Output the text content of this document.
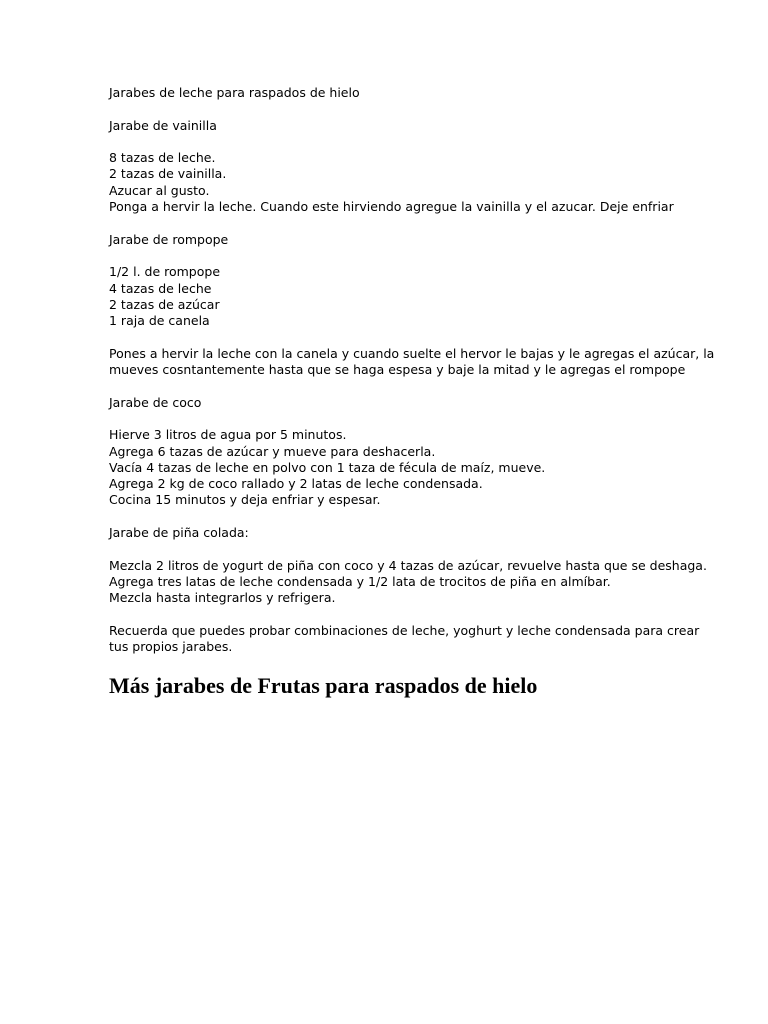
Jarabes de leche para raspados de hielo

Jarabe de vainilla

8 tazas de leche.
2 tazas de vainilla.
Azucar al gusto.
Ponga a hervir la leche. Cuando este hirviendo agregue la vainilla y el azucar. Deje enfriar

Jarabe de rompope

1/2 l. de rompope
4 tazas de leche
2 tazas de azúcar
1 raja de canela

Pones a hervir la leche con la canela y cuando suelte el hervor le bajas y le agregas el azúcar, la
mueves cosntantemente hasta que se haga espesa y baje la mitad y le agregas el rompope

Jarabe de coco

Hierve 3 litros de agua por 5 minutos.
Agrega 6 tazas de azúcar y mueve para deshacerla.
Vacía 4 tazas de leche en polvo con 1 taza de fécula de maíz, mueve.
Agrega 2 kg de coco rallado y 2 latas de leche condensada.
Cocina 15 minutos y deja enfriar y espesar.

Jarabe de piña colada:

Mezcla 2 litros de yogurt de piña con coco y 4 tazas de azúcar, revuelve hasta que se deshaga.
Agrega tres latas de leche condensada y 1/2 lata de trocitos de piña en almíbar.
Mezcla hasta integrarlos y refrigera.

Recuerda que puedes probar combinaciones de leche, yoghurt y leche condensada para crear
tus propios jarabes.

Más jarabes de Frutas para raspados de hielo
